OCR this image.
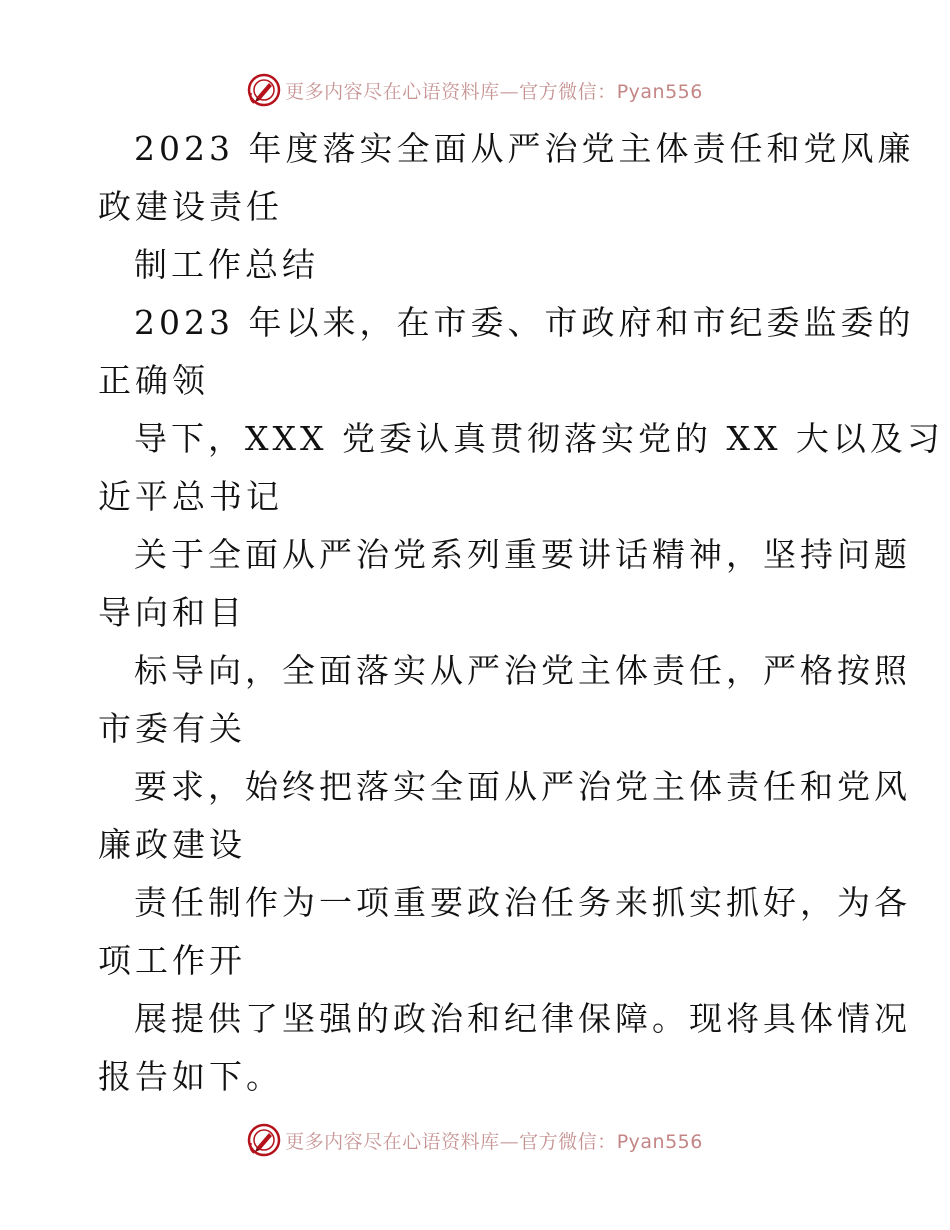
更多内容尽在心语资料库—官方微信：Pyan556
2023 年度落实全面从严治党主体责任和党风廉
政建设责任
制工作总结
2023 年以来，在市委、市政府和市纪委监委的
正确领
导下，XXX 党委认真贯彻落实党的 XX 大以及习
近平总书记
关于全面从严治党系列重要讲话精神，坚持问题
导向和目
标导向，全面落实从严治党主体责任，严格按照
市委有关
要求，始终把落实全面从严治党主体责任和党风
廉政建设
责任制作为一项重要政治任务来抓实抓好，为各
项工作开
展提供了坚强的政治和纪律保障。现将具体情况
报告如下。
更多内容尽在心语资料库—官方微信：Pyan556
